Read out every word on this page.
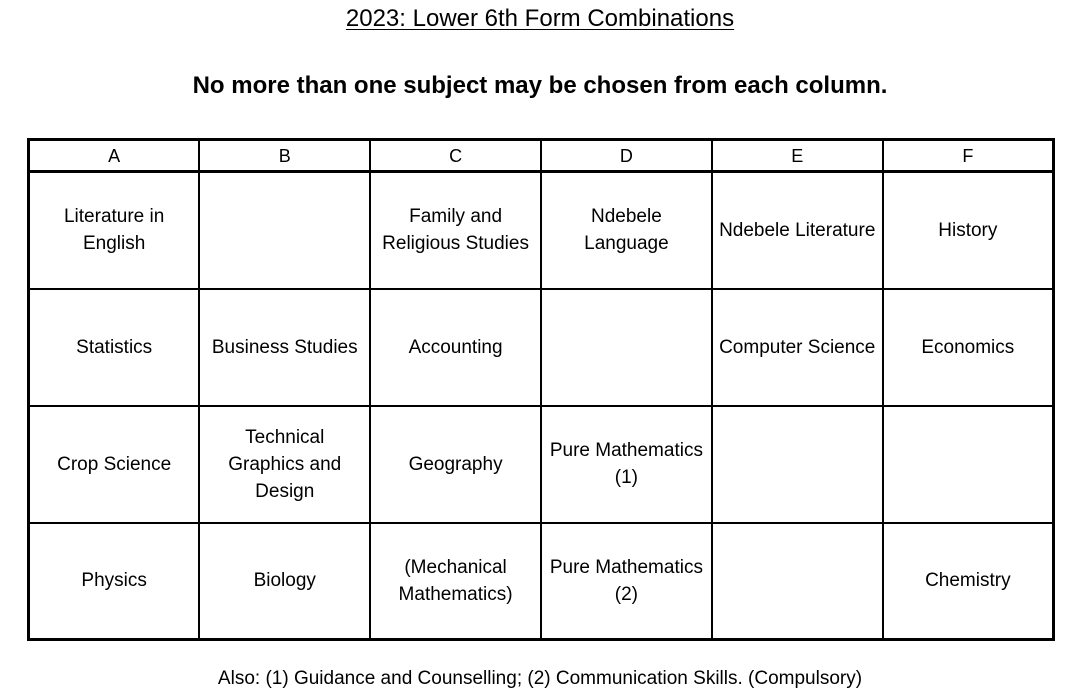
2023: Lower 6th Form Combinations
No more than one subject may be chosen from each column.
A	B	C	D	E	F

Literature in English		Family and Religious Studies	Ndebele Language	Ndebele Literature	History

Statistics	Business Studies	Accounting		Computer Science	Economics

Crop Science	Technical Graphics and Design	Geography	Pure Mathematics (1)		

Physics	Biology	(Mechanical Mathematics)	Pure Mathematics (2)		Chemistry
Also: (1) Guidance and Counselling; (2) Communication Skills. (Compulsory)
